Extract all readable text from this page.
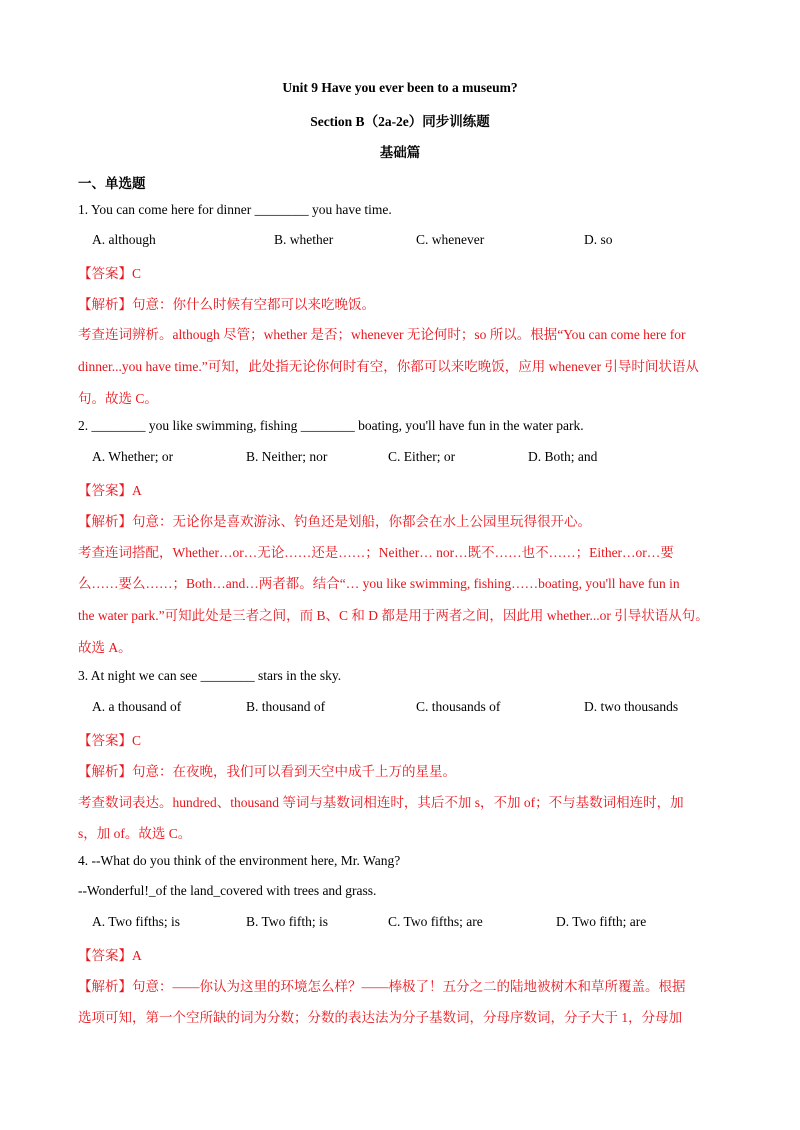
Unit 9 Have you ever been to a museum?
Section B（2a-2e）同步训练题
基础篇
一、单选题
1. You can come here for dinner ________ you have time.
A. although	B. whether	C. whenever	D. so
【答案】C
【解析】句意：你什么时候有空都可以来吃晚饭。
考查连词辨析。although 尽管；whether 是否；whenever 无论何时；so 所以。根据“You can come here for
dinner...you have time.”可知，此处指无论你何时有空，你都可以来吃晚饭，应用 whenever 引导时间状语从
句。故选 C。
2. ________ you like swimming, fishing ________ boating, you'll have fun in the water park.
A. Whether; or	B. Neither; nor	C. Either; or	D. Both; and
【答案】A
【解析】句意：无论你是喜欢游泳、钓鱼还是划船，你都会在水上公园里玩得很开心。
考查连词搭配，Whether…or…无论……还是……；Neither… nor…既不……也不……；Either…or…要
么……要么……；Both…and…两者都。结合“… you like swimming, fishing……boating, you'll have fun in
the water park.”可知此处是三者之间，而 B、C 和 D 都是用于两者之间，因此用 whether...or 引导状语从句。
故选 A。
3. At night we can see ________ stars in the sky.
A. a thousand of	B. thousand of	C. thousands of	D. two thousands
【答案】C
【解析】句意：在夜晚，我们可以看到天空中成千上万的星星。
考查数词表达。hundred、thousand 等词与基数词相连时，其后不加 s，不加 of；不与基数词相连时，加
s，加 of。故选 C。
4. --What do you think of the environment here, Mr. Wang?
--Wonderful!_of the land_covered with trees and grass.
A. Two fifths; is	B. Two fifth; is	C. Two fifths; are	D. Two fifth; are
【答案】A
【解析】句意：——你认为这里的环境怎么样？——棒极了！五分之二的陆地被树木和草所覆盖。根据
选项可知，第一个空所缺的词为分数；分数的表达法为分子基数词，分母序数词，分子大于 1，分母加
